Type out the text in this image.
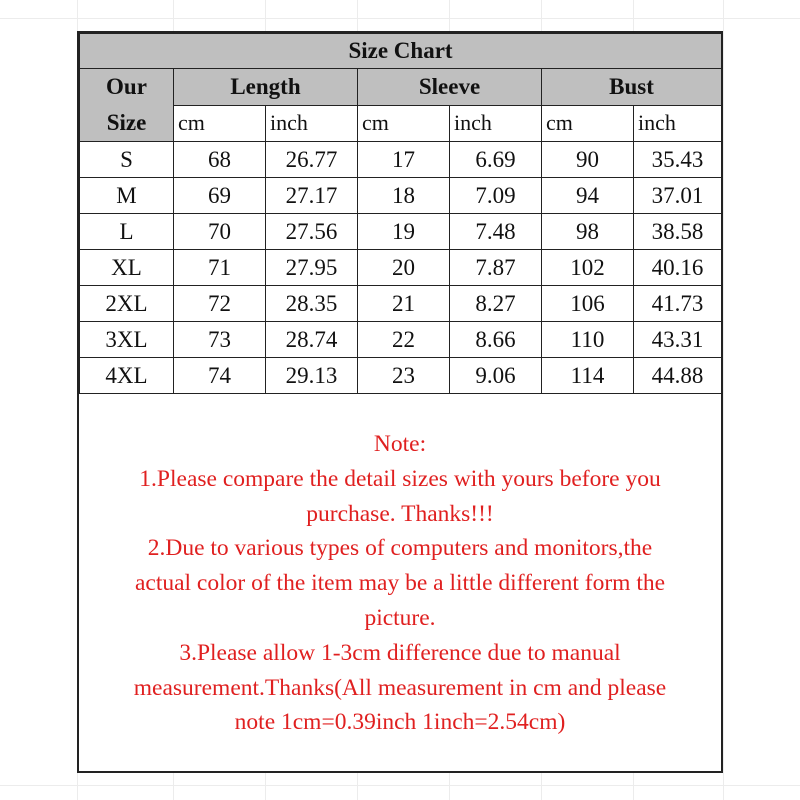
Size Chart						
Our
Size	Length		Sleeve		Bust	
	cm	inch	cm	inch	cm	inch
S	68	26.77	17	6.69	90	35.43
M	69	27.17	18	7.09	94	37.01
L	70	27.56	19	7.48	98	38.58
XL	71	27.95	20	7.87	102	40.16
2XL	72	28.35	21	8.27	106	41.73
3XL	73	28.74	22	8.66	110	43.31
4XL	74	29.13	23	9.06	114	44.88
Note:
1.Please compare the detail sizes with yours before you
purchase. Thanks!!!
2.Due to various types of computers and monitors,the
actual color of the item may be a little different form the
picture.
3.Please allow 1-3cm difference due to manual
measurement.Thanks(All measurement in cm and please
note 1cm=0.39inch 1inch=2.54cm)
